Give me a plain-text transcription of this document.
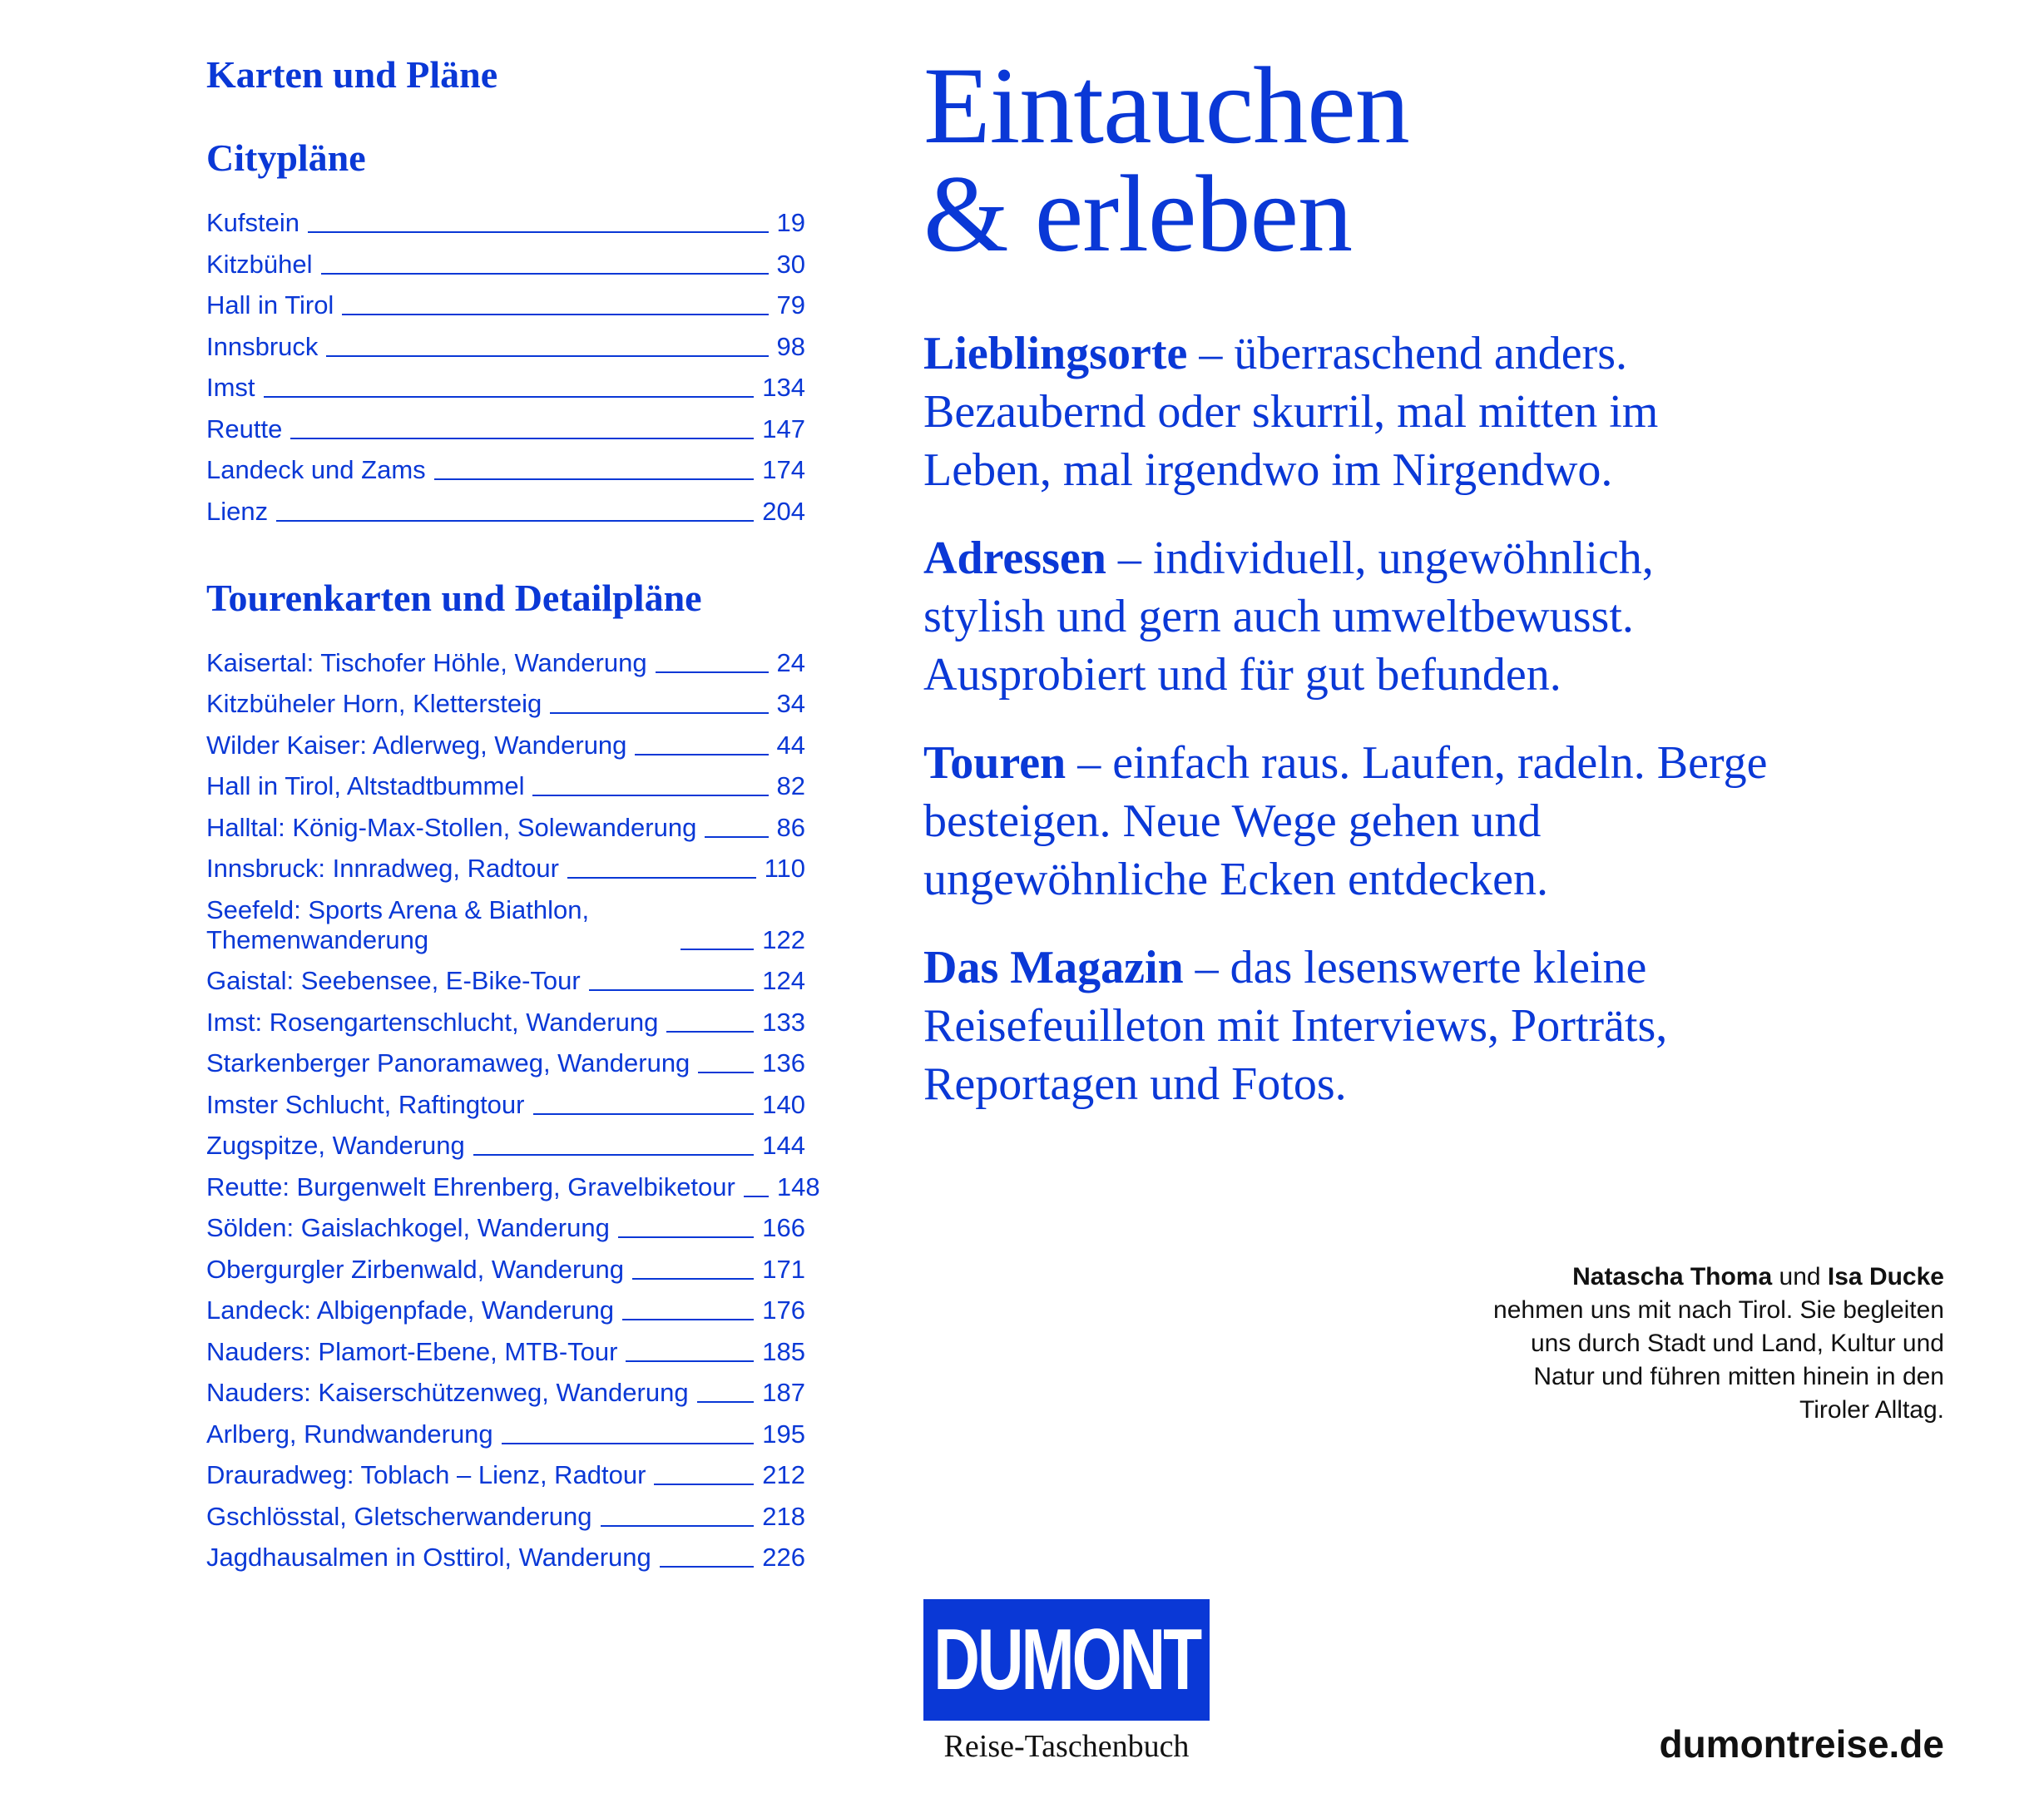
Karten und Pläne
Citypläne
Kufstein	19
Kitzbühel	30
Hall in Tirol	79
Innsbruck	98
Imst	134
Reutte	147
Landeck und Zams	174
Lienz	204
Tourenkarten und Detailpläne
Kaisertal: Tischofer Höhle, Wanderung	24
Kitzbüheler Horn, Klettersteig	34
Wilder Kaiser: Adlerweg, Wanderung	44
Hall in Tirol, Altstadtbummel	82
Halltal: König-Max-Stollen, Solewanderung	86
Innsbruck: Innradweg, Radtour	110
Seefeld: Sports Arena & Biathlon, Themenwanderung	122
Gaistal: Seebensee, E-Bike-Tour	124
Imst: Rosengartenschlucht, Wanderung	133
Starkenberger Panoramaweg, Wanderung	136
Imster Schlucht, Raftingtour	140
Zugspitze, Wanderung	144
Reutte: Burgenwelt Ehrenberg, Gravelbiketour 148
Sölden: Gaislachkogel, Wanderung	166
Obergurgler Zirbenwald, Wanderung	171
Landeck: Albigenpfade, Wanderung	176
Nauders: Plamort-Ebene, MTB-Tour	185
Nauders: Kaiserschützenweg, Wanderung	187
Arlberg, Rundwanderung	195
Drauradweg: Toblach – Lienz, Radtour	212
Gschlösstal, Gletscherwanderung	218
Jagdhausalmen in Osttirol, Wanderung	226
Eintauchen
& erleben

Lieblingsorte – überraschend anders. Bezaubernd oder skurril, mal mitten im Leben, mal irgendwo im Nirgendwo.

Adressen – individuell, ungewöhnlich, stylish und gern auch umweltbewusst. Ausprobiert und für gut befunden.

Touren – einfach raus. Laufen, radeln. Berge besteigen. Neue Wege gehen und ungewöhnliche Ecken entdecken.

Das Magazin – das lesenswerte kleine Reisefeuilleton mit Interviews, Porträts, Reportagen und Fotos.

Natascha Thoma und Isa Ducke nehmen uns mit nach Tirol. Sie begleiten uns durch Stadt und Land, Kultur und Natur und führen mitten hinein in den Tiroler Alltag.
DUMONT
Reise-Taschenbuch	dumontreise.de
